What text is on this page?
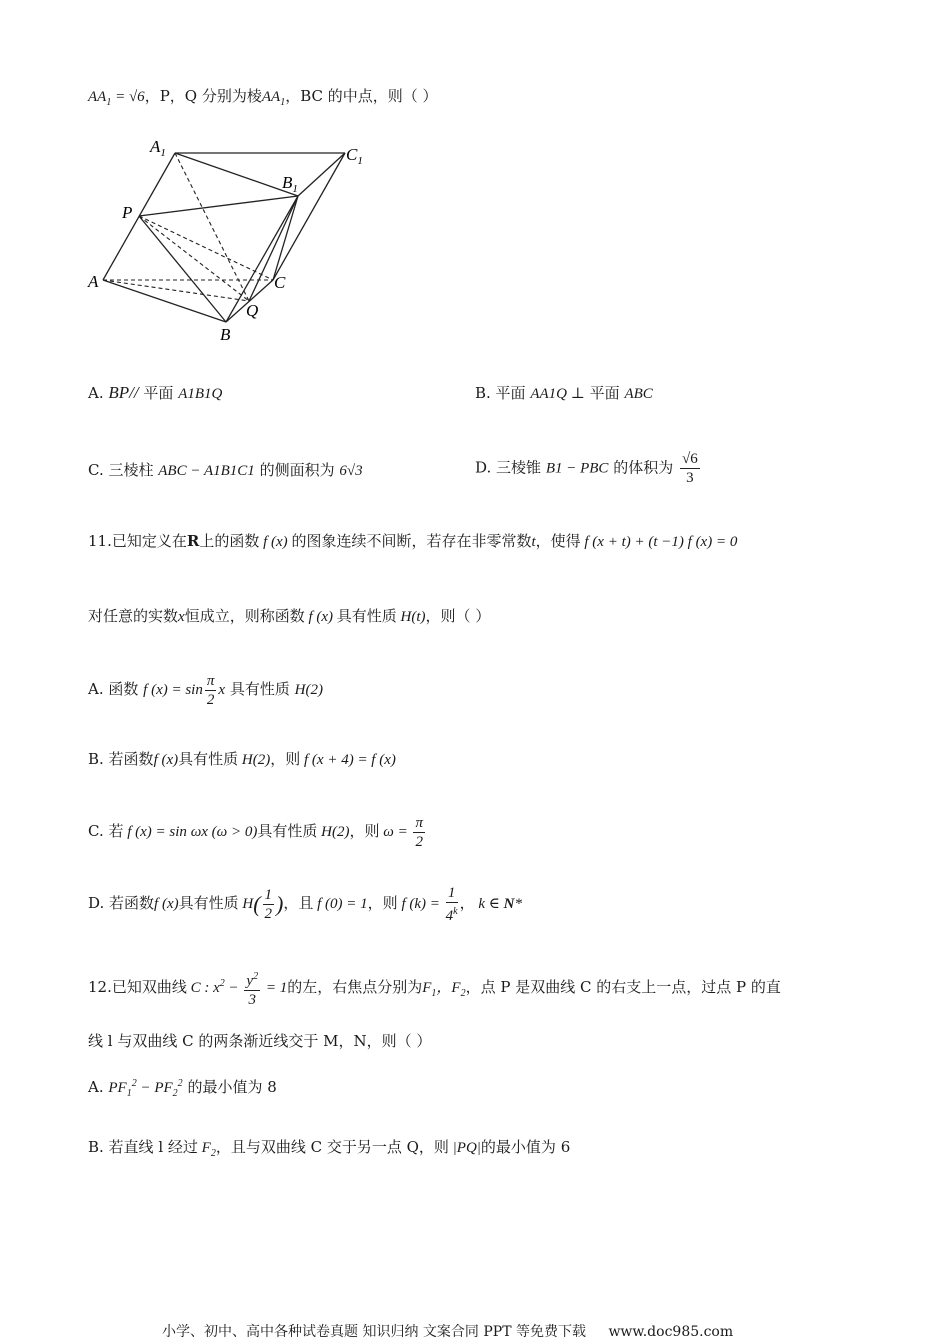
$AA_1 = √6$，P，Q 分别为棱$AA_1$，BC 的中点，则（ ）
$A_1$	$C_1$
$B_1$
P
A	C
Q
B
A. BP// 平面 A1B1Q	B. 平面 AA1Q ⊥ 平面 ABC
C. 三棱柱 ABC − A1B1C1 的侧面积为 6√3	D. 三棱锥 B1 − PBC 的体积为 $\frac{√6}{3}$
11.已知定义在R上的函数 f (x) 的图象连续不间断，若存在非零常数t，使得 f (x + t) + (t −1) f (x) = 0
对任意的实数x恒成立，则称函数 f (x) 具有性质 H(t)，则（ ）
A. 函数 f $(x) = \sin \frac{\pi}{2}$ x 具有性质 H(2)
B. 若函数f (x)具有性质 H(2)，则 f (x + 4) = f (x)
C. 若 f (x) = sin ωx (ω > 0)具有性质 H(2)，则 $\omega = \frac{\pi}{2}$
D. 若函数f (x)具有性质 $H( \frac{1}{2}$ )，且 f (0) = 1，则 f $(k) = \frac{1}{4^k}$ ， k ∈ N*
12.已知双曲线 C : $x^2 - \frac{y^2}{3} = 1$的左，右焦点分别为$F_1$，$F_2$，点 P 是双曲线 C 的右支上一点，过点 P 的直
线 l 与双曲线 C 的两条渐近线交于 M，N，则（ ）
A. $PF_1^2 - PF_2^2$ 的最小值为 8
B. 若直线 l 经过 $F_2$，且与双曲线 C 交于另一点 Q，则 |PQ|的最小值为 6
小学、初中、高中各种试卷真题 知识归纳 文案合同 PPT 等免费下载 www.doc985.com
